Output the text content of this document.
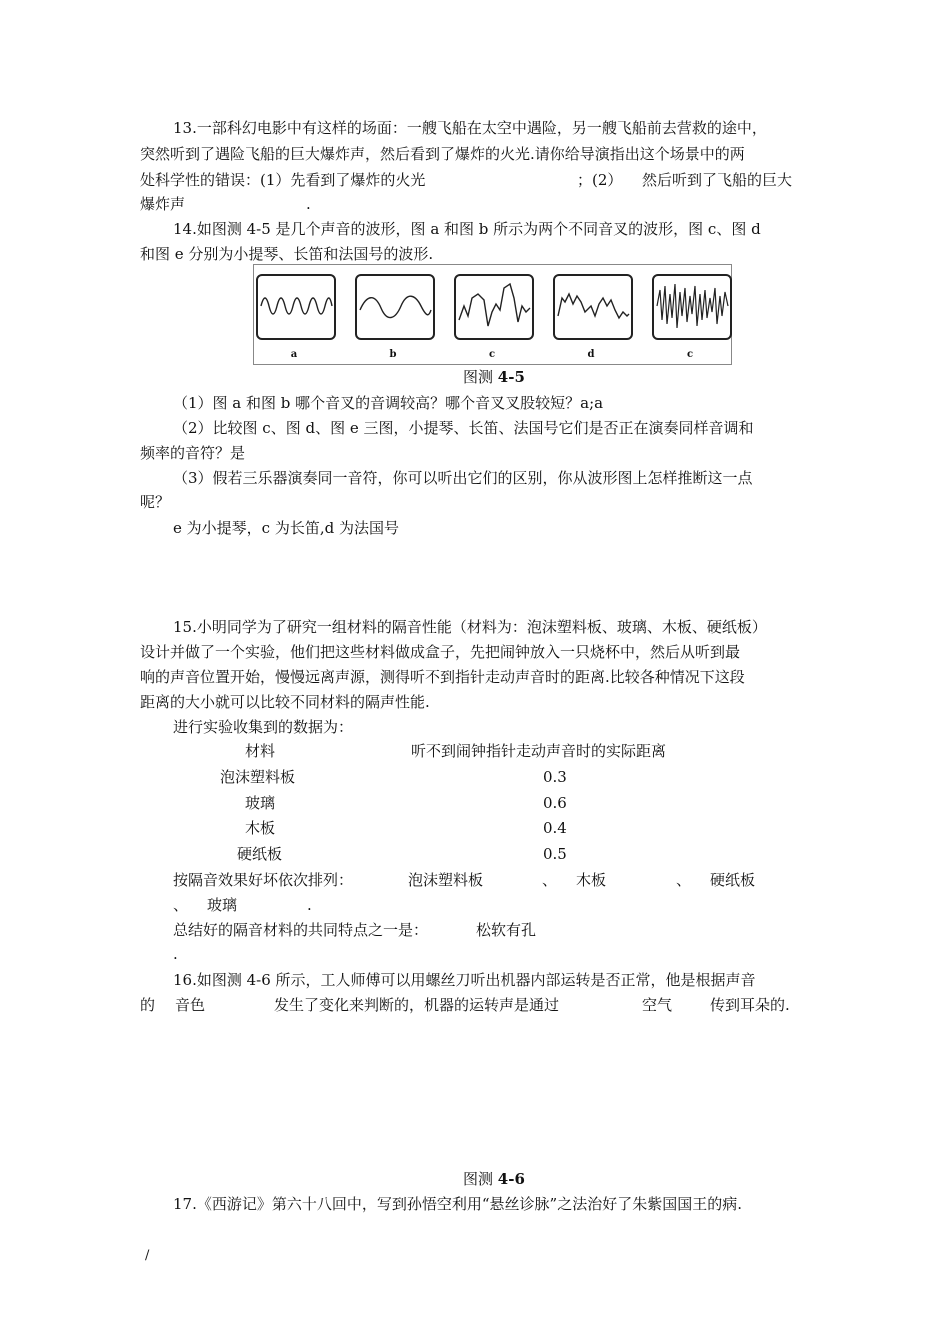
13.一部科幻电影中有这样的场面：一艘飞船在太空中遇险，另一艘飞船前去营救的途中，
突然听到了遇险飞船的巨大爆炸声，然后看到了爆炸的火光.请你给导演指出这个场景中的两
处科学性的错误：(1）先看到了爆炸的火光	；(2） 然后听到了飞船的巨大
爆炸声	.
14.如图测 4-5 是几个声音的波形，图 a 和图 b 所示为两个不同音叉的波形，图 c、图 d
和图 e 分别为小提琴、长笛和法国号的波形.
a	b	c	d	c
图测 4-5
（1）图 a 和图 b 哪个音叉的音调较高？哪个音叉叉股较短？a;a
（2）比较图 c、图 d、图 e 三图，小提琴、长笛、法国号它们是否正在演奏同样音调和
频率的音符？是
（3）假若三乐器演奏同一音符，你可以听出它们的区别，你从波形图上怎样推断这一点
呢？
e 为小提琴，c 为长笛,d 为法国号
15.小明同学为了研究一组材料的隔音性能（材料为：泡沫塑料板、玻璃、木板、硬纸板）
设计并做了一个实验，他们把这些材料做成盒子，先把闹钟放入一只烧杯中，然后从听到最
响的声音位置开始，慢慢远离声源，测得听不到指针走动声音时的距离.比较各种情况下这段
距离的大小就可以比较不同材料的隔声性能.
进行实验收集到的数据为：
材料	听不到闹钟指针走动声音时的实际距离
泡沫塑料板	0.3
玻璃	0.6
木板	0.4
硬纸板	0.5
按隔音效果好坏依次排列：	泡沫塑料板	、 木板	、 硬纸板
、 玻璃	.
总结好的隔音材料的共同特点之一是：	松软有孔
.
16.如图测 4-6 所示，工人师傅可以用螺丝刀听出机器内部运转是否正常，他是根据声音
的 音色	发生了变化来判断的，机器的运转声是通过	空气	传到耳朵的.
图测 4-6
17.《西游记》第六十八回中，写到孙悟空利用“悬丝诊脉”之法治好了朱紫国国王的病.
/
